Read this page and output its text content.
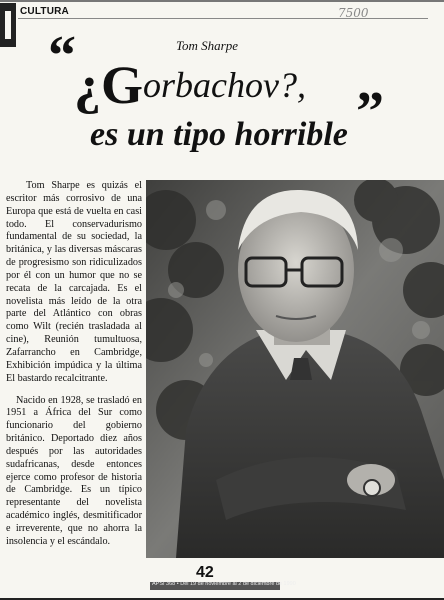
CULTURA	7500
Tom Sharpe
“
¿Gorbachov?, ”
es un tipo horrible

Tom Sharpe es quizás el escritor más corrosivo de una Europa que está de vuelta en casi todo. El conservadurismo fundamental de su sociedad, la británica, y las diversas máscaras de progresismo son ridiculizados por él con un humor que no se recata de la carcajada. Es el novelista más leído de la otra parte del Atlántico con obras como Wilt (recién trasladada al cine), Reunión tumultuosa, Zafarrancho en Cambridge, Exhibición impúdica y la última El bastardo recalcitrante.

Nacido en 1928, se trasladó en 1951 a África del Sur como funcionario del gobierno británico. Deportado diez años después por las autoridades sudafricanas, desde entonces ejerce como profesor de historia de Cambridge. Es un típico representante del novelista académico inglés, desmitificador e irreverente, que no ahorra la insolencia y el escándalo.

42
APSI 368 • Del 19 de noviembre al 2 de diciembre de 1990
